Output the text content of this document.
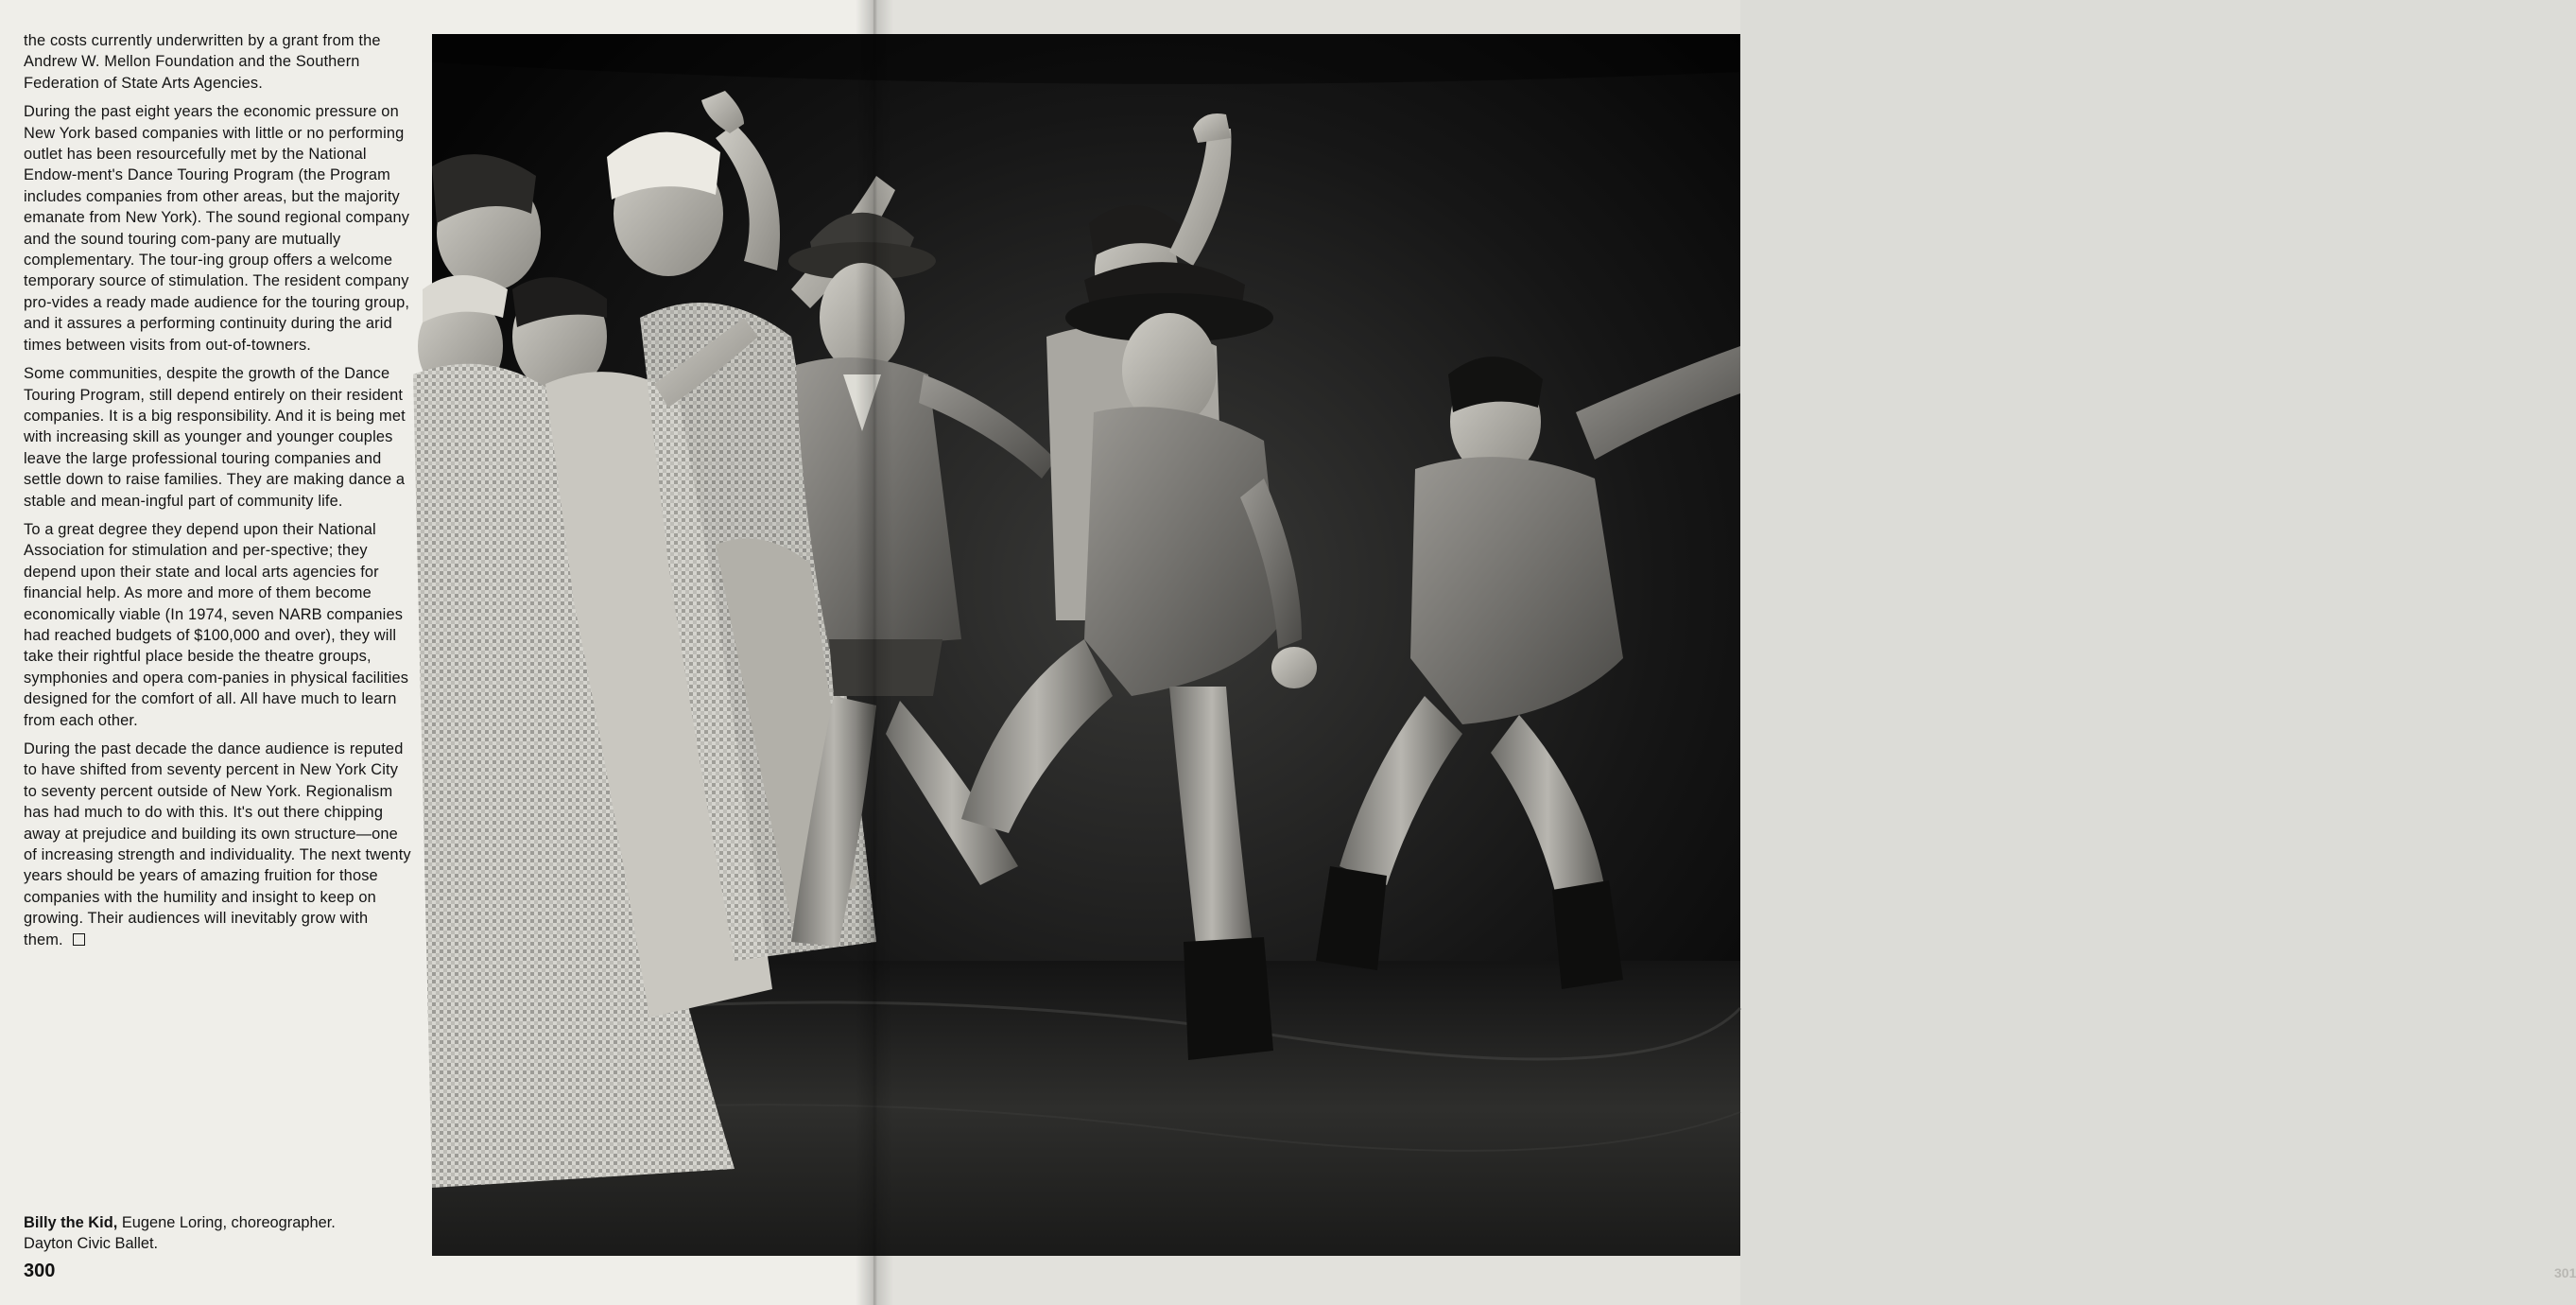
the costs currently underwritten by a grant from the Andrew W. Mellon Foundation and the Southern Federation of State Arts Agencies.

During the past eight years the economic pressure on New York based companies with little or no performing outlet has been resourcefully met by the National Endow-ment's Dance Touring Program (the Program includes companies from other areas, but the majority emanate from New York). The sound regional company and the sound touring com-pany are mutually complementary. The tour-ing group offers a welcome temporary source of stimulation. The resident company pro-vides a ready made audience for the touring group, and it assures a performing continuity during the arid times between visits from out-of-towners.

Some communities, despite the growth of the Dance Touring Program, still depend entirely on their resident companies. It is a big responsibility. And it is being met with increasing skill as younger and younger couples leave the large professional touring companies and settle down to raise families. They are making dance a stable and mean-ingful part of community life.

To a great degree they depend upon their National Association for stimulation and per-spective; they depend upon their state and local arts agencies for financial help. As more and more of them become economically viable (In 1974, seven NARB companies had reached budgets of $100,000 and over), they will take their rightful place beside the theatre groups, symphonies and opera com-panies in physical facilities designed for the comfort of all. All have much to learn from each other.

During the past decade the dance audience is reputed to have shifted from seventy percent in New York City to seventy percent outside of New York. Regionalism has had much to do with this. It's out there chipping away at prejudice and building its own structure—one of increasing strength and individuality. The next twenty years should be years of amazing fruition for those companies with the humility and insight to keep on growing. Their audiences will inevitably grow with them.

Billy the Kid, Eugene Loring, choreographer.
Dayton Civic Ballet.
300	301
